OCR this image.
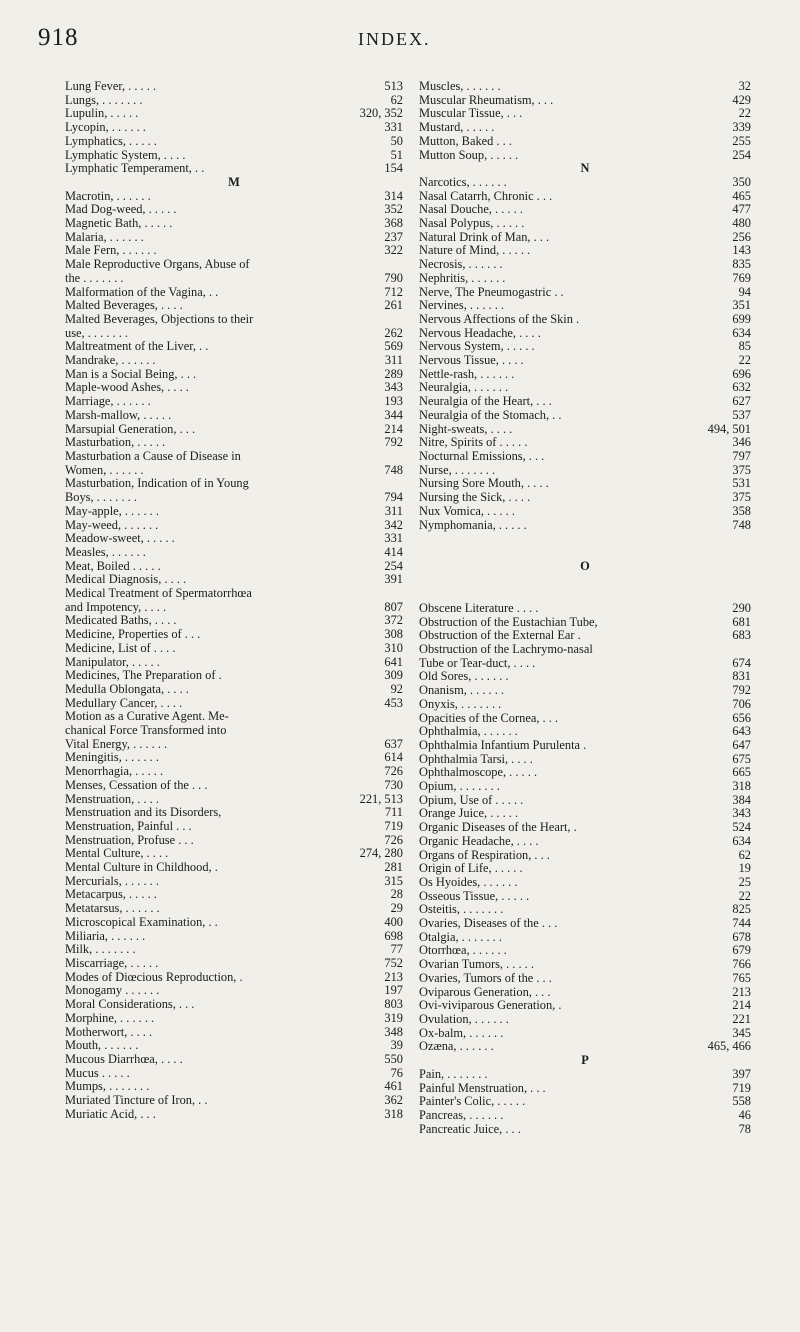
918	INDEX.
Lung Fever, . . . . .	513
Lungs, . . . . . . .	62
Lupulin, . . . . .	320, 352
Lycopin, . . . . . .	331
Lymphatics, . . . . .	50
Lymphatic System, . . . .	51
Lymphatic Temperament, . .	154
M
Macrotin, . . . . . .	314
Mad Dog-weed, . . . . .	352
Magnetic Bath, . . . . .	368
Malaria, . . . . . .	237
Male Fern, . . . . . .	322
Male Reproductive Organs, Abuse of
the . . . . . . .	790
Malformation of the Vagina, . .	712
Malted Beverages, . . . .	261
Malted Beverages, Objections to their
use, . . . . . . .	262
Maltreatment of the Liver, . .	569
Mandrake, . . . . . .	311
Man is a Social Being, . . .	289
Maple-wood Ashes, . . . .	343
Marriage, . . . . . .	193
Marsh-mallow, . . . . .	344
Marsupial Generation, . . .	214
Masturbation, . . . . .	792
Masturbation a Cause of Disease in
Women, . . . . . .	748
Masturbation, Indication of in Young
Boys, . . . . . . .	794
May-apple, . . . . . .	311
May-weed, . . . . . .	342
Meadow-sweet, . . . . .	331
Measles, . . . . . .	414
Meat, Boiled . . . . .	254
Medical Diagnosis, . . . .	391
Medical Treatment of Spermatorrhœa
and Impotency, . . . .	807
Medicated Baths, . . . .	372
Medicine, Properties of . . .	308
Medicine, List of . . . .	310
Manipulator, . . . . .	641
Medicines, The Preparation of .	309
Medulla Oblongata, . . . .	92
Medullary Cancer, . . . .	453
Motion as a Curative Agent. Me-
chanical Force Transformed into
Vital Energy, . . . . . .	637
Meningitis, . . . . . .	614
Menorrhagia, . . . . .	726
Menses, Cessation of the . . .	730
Menstruation, . . . .	221, 513
Menstruation and its Disorders,	711
Menstruation, Painful . . .	719
Menstruation, Profuse . . .	726
Mental Culture, . . . .	274, 280
Mental Culture in Childhood, .	281
Mercurials, . . . . . .	315
Metacarpus, . . . . .	28
Metatarsus, . . . . . .	29
Microscopical Examination, . .	400
Miliaria, . . . . . .	698
Milk, . . . . . . .	77
Miscarriage, . . . . .	752
Modes of Diœcious Reproduction, .	213
Monogamy . . . . . .	197
Moral Considerations, . . .	803
Morphine, . . . . . .	319
Motherwort, . . . .	348
Mouth, . . . . . .	39
Mucous Diarrhœa, . . . .	550
Mucus . . . . .	76
Mumps, . . . . . . .	461
Muriated Tincture of Iron, . .	362
Muriatic Acid, . . .	318
Muscles, . . . . . .	32
Muscular Rheumatism, . . .	429
Muscular Tissue, . . .	22
Mustard, . . . . .	339
Mutton, Baked . . .	255
Mutton Soup, . . . . .	254
N
Narcotics, . . . . . .	350
Nasal Catarrh, Chronic . . .	465
Nasal Douche, . . . . .	477
Nasal Polypus, . . . . .	480
Natural Drink of Man, . . .	256
Nature of Mind, . . . . .	143
Necrosis, . . . . . .	835
Nephritis, . . . . . .	769
Nerve, The Pneumogastric . .	94
Nervines, . . . . . .	351
Nervous Affections of the Skin .	699
Nervous Headache, . . . .	634
Nervous System, . . . . .	85
Nervous Tissue, . . . .	22
Nettle-rash, . . . . . .	696
Neuralgia, . . . . . .	632
Neuralgia of the Heart, . . .	627
Neuralgia of the Stomach, . .	537
Night-sweats, . . . .	494, 501
Nitre, Spirits of . . . . .	346
Nocturnal Emissions, . . .	797
Nurse, . . . . . . .	375
Nursing Sore Mouth, . . . .	531
Nursing the Sick, . . . .	375
Nux Vomica, . . . . .	358
Nymphomania, . . . . .	748
O
Obscene Literature . . . .	290
Obstruction of the Eustachian Tube,	681
Obstruction of the External Ear .	683
Obstruction of the Lachrymo-nasal
Tube or Tear-duct, . . . .	674
Old Sores, . . . . . .	831
Onanism, . . . . . .	792
Onyxis, . . . . . . .	706
Opacities of the Cornea, . . .	656
Ophthalmia, . . . . . .	643
Ophthalmia Infantium Purulenta .	647
Ophthalmia Tarsi, . . . .	675
Ophthalmoscope, . . . . .	665
Opium, . . . . . . .	318
Opium, Use of . . . . .	384
Orange Juice, . . . . .	343
Organic Diseases of the Heart, .	524
Organic Headache, . . . .	634
Organs of Respiration, . . .	62
Origin of Life, . . . . .	19
Os Hyoides, . . . . . .	25
Osseous Tissue, . . . . .	22
Osteitis, . . . . . . .	825
Ovaries, Diseases of the . . .	744
Otalgia, . . . . . . .	678
Otorrhœa, . . . . . .	679
Ovarian Tumors, . . . . .	766
Ovaries, Tumors of the . . .	765
Oviparous Generation, . . .	213
Ovi-viviparous Generation, .	214
Ovulation, . . . . . .	221
Ox-balm, . . . . . .	345
Ozæna, . . . . . .	465, 466
P
Pain, . . . . . . .	397
Painful Menstruation, . . .	719
Painter's Colic, . . . . .	558
Pancreas, . . . . . .	46
Pancreatic Juice, . . .	78
